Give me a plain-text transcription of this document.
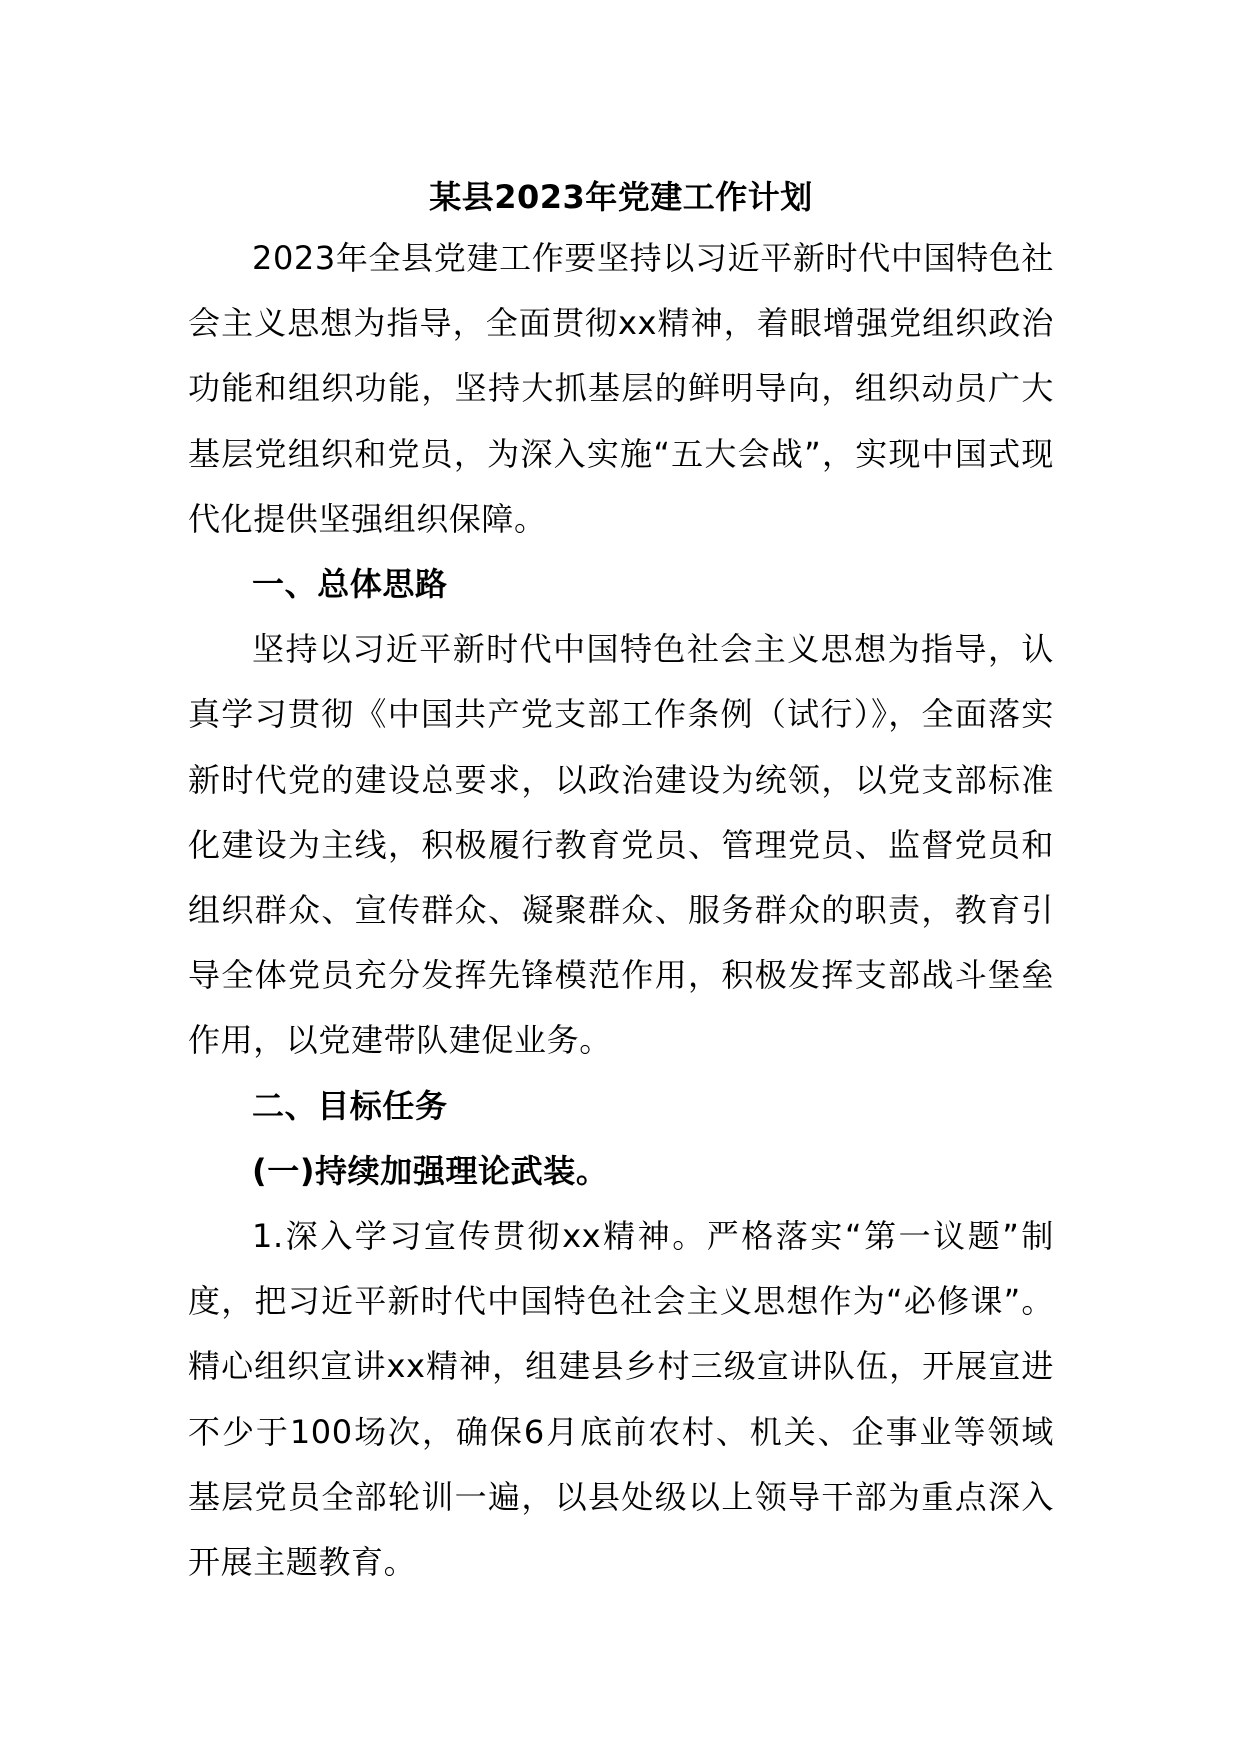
某县2023年党建工作计划

2023年全县党建工作要坚持以习近平新时代中国特色社会主义思想为指导，全面贯彻xx精神，着眼增强党组织政治功能和组织功能，坚持大抓基层的鲜明导向，组织动员广大基层党组织和党员，为深入实施“五大会战”，实现中国式现代化提供坚强组织保障。

一、总体思路

坚持以习近平新时代中国特色社会主义思想为指导，认真学习贯彻《中国共产党支部工作条例（试行）》，全面落实新时代党的建设总要求，以政治建设为统领，以党支部标准化建设为主线，积极履行教育党员、管理党员、监督党员和组织群众、宣传群众、凝聚群众、服务群众的职责，教育引导全体党员充分发挥先锋模范作用，积极发挥支部战斗堡垒作用，以党建带队建促业务。

二、目标任务
(一)持续加强理论武装。

1.深入学习宣传贯彻xx精神。严格落实“第一议题”制度，把习近平新时代中国特色社会主义思想作为“必修课”。精心组织宣讲xx精神，组建县乡村三级宣讲队伍，开展宣进不少于100场次，确保6月底前农村、机关、企事业等领域基层党员全部轮训一遍，以县处级以上领导干部为重点深入开展主题教育。
